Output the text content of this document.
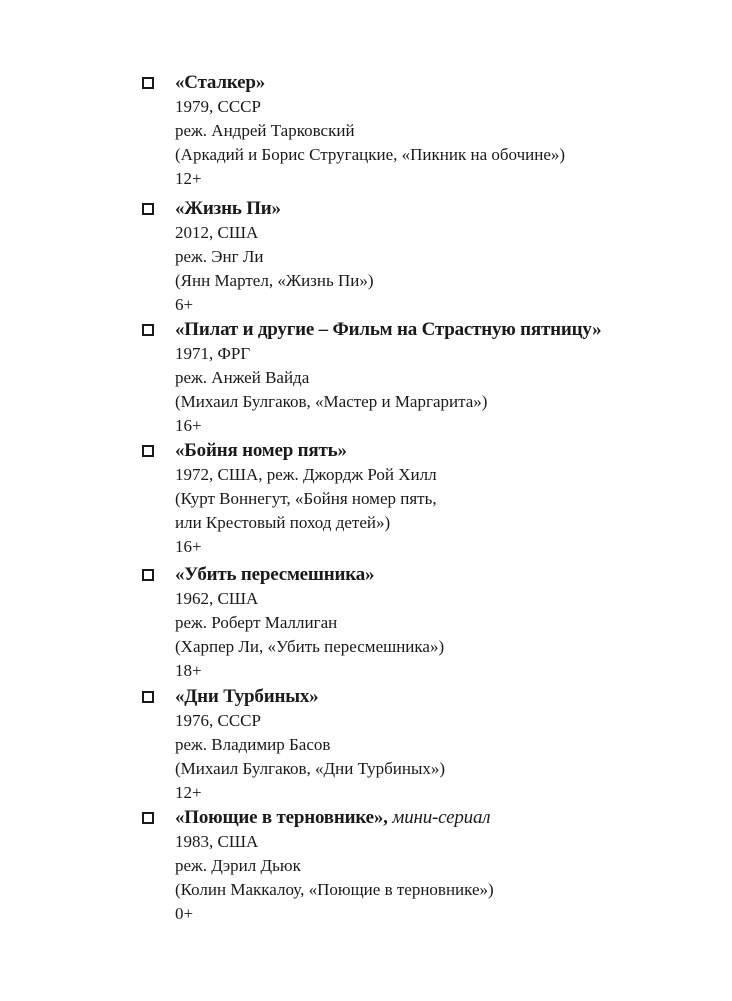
«Сталкер»
1979, СССР
реж. Андрей Тарковский
(Аркадий и Борис Стругацкие, «Пикник на обочине»)
12+
«Жизнь Пи»
2012, США
реж. Энг Ли
(Янн Мартел, «Жизнь Пи»)
6+
«Пилат и другие – Фильм на Страстную пятницу»
1971, ФРГ
реж. Анжей Вайда
(Михаил Булгаков, «Мастер и Маргарита»)
16+
«Бойня номер пять»
1972, США, реж. Джордж Рой Хилл
(Курт Воннегут, «Бойня номер пять,
или Крестовый поход детей»)
16+
«Убить пересмешника»
1962, США
реж. Роберт Маллиган
(Харпер Ли, «Убить пересмешника»)
18+
«Дни Турбиных»
1976, СССР
реж. Владимир Басов
(Михаил Булгаков, «Дни Турбиных»)
12+
«Поющие в терновнике», мини-сериал
1983, США
реж. Дэрил Дьюк
(Колин Маккалоу, «Поющие в терновнике»)
0+
